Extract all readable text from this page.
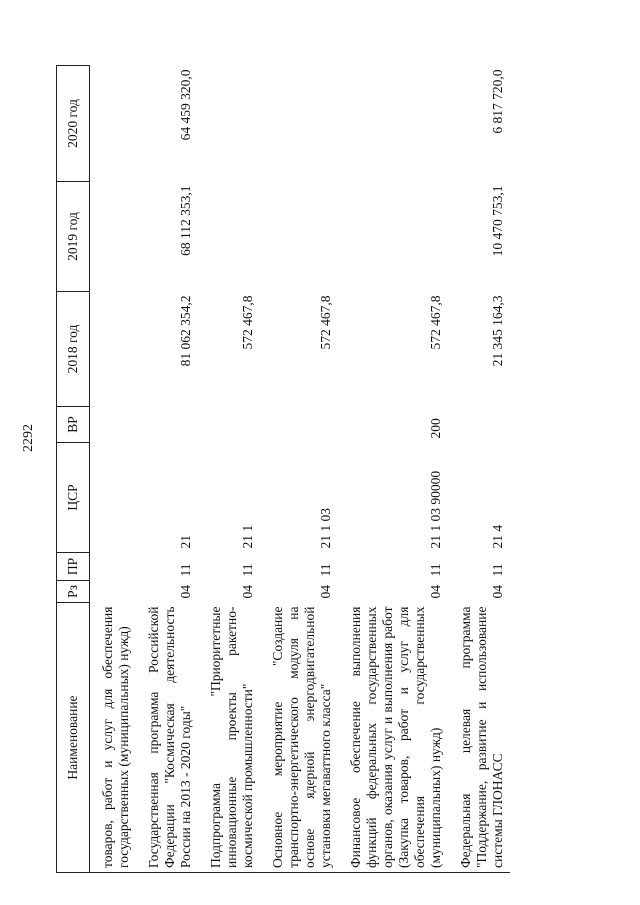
2292
Наименование	Рз	ПР	ЦСР	ВР	2018 год	2019 год	2020 год
товаров, работ и услуг для обеспечения государственных (муниципальных) нужд)							
Государственная программа Российской Федерации "Космическая деятельность России на 2013 - 2020 годы"	04	11	21		81 062 354,2	68 112 353,1	64 459 320,0
Подпрограмма "Приоритетные инновационные проекты ракетно-космической промышленности"	04	11	21 1		572 467,8		
Основное мероприятие "Создание транспортно-энергетического модуля на основе ядерной энергодвигательной установки мегаваттного класса"	04	11	21 1 03		572 467,8		
Финансовое обеспечение выполнения функций федеральных государственных органов, оказания услуг и выполнения работ (Закупка товаров, работ и услуг для обеспечения государственных (муниципальных) нужд)	04	11	21 1 03 90000	200	572 467,8		
Федеральная целевая программа "Поддержание, развитие и использование системы ГЛОНАСС	04	11	21 4		21 345 164,3	10 470 753,1	6 817 720,0
